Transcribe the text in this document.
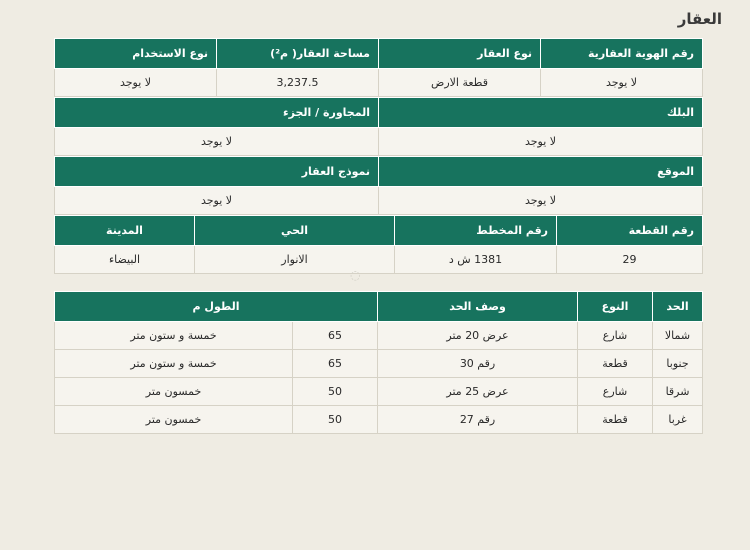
العقار
رقم الهوية العقارية	نوع العقار	مساحة العقار( م²)	نوع الاستخدام
لا يوجد	قطعة الارض	3,237.5	لا يوجد
البلك	المجاورة / الجزء
لا يوجد	لا يوجد
الموقع	نموذج العقار
لا يوجد	لا يوجد
رقم القطعة	رقم المخطط	الحي	المدينة
29	1381 ش د	الانوار	البيضاء
◌
الحد	النوع	وصف الحد	الطول م	
شمالا	شارع	عرض 20 متر	65	خمسة و ستون متر
جنوبا	قطعة	رقم 30	65	خمسة و ستون متر
شرقا	شارع	عرض 25 متر	50	خمسون متر
غربا	قطعة	رقم 27	50	خمسون متر
